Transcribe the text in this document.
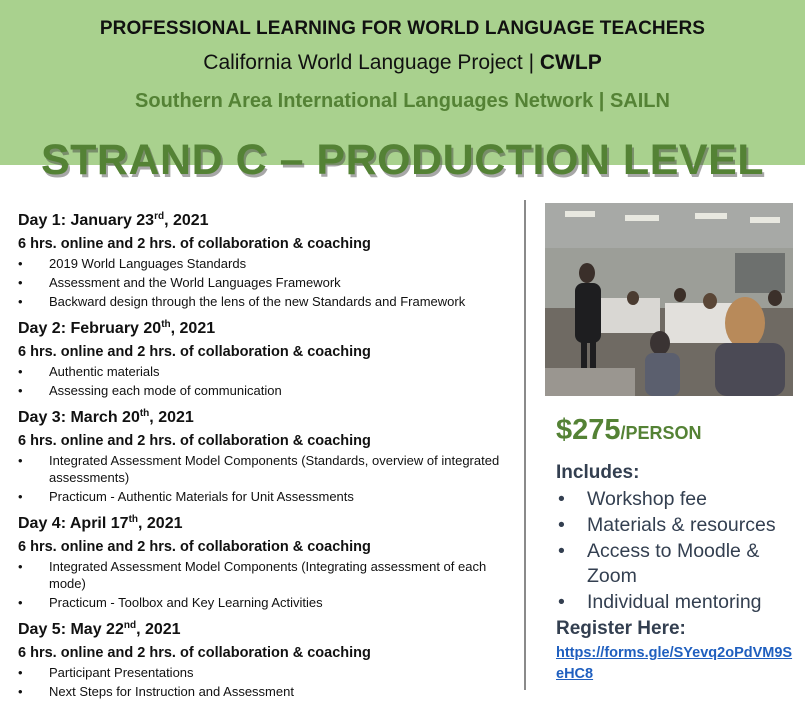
PROFESSIONAL LEARNING FOR WORLD LANGUAGE TEACHERS
California World Language Project | CWLP
Southern Area International Languages Network | SAILN
STRAND C – PRODUCTION LEVEL
Day 1: January 23rd, 2021
6 hrs. online and 2 hrs. of collaboration & coaching
• 2019 World Languages Standards
• Assessment and the World Languages Framework
• Backward design through the lens of the new Standards and Framework
Day 2: February 20th, 2021
6 hrs. online and 2 hrs. of collaboration & coaching
• Authentic materials
• Assessing each mode of communication
Day 3: March 20th, 2021
6 hrs. online and 2 hrs. of collaboration & coaching
• Integrated Assessment Model Components (Standards, overview of integrated assessments)
• Practicum - Authentic Materials for Unit Assessments
Day 4: April 17th, 2021
6 hrs. online and 2 hrs. of collaboration & coaching
• Integrated Assessment Model Components (Integrating assessment of each mode)
• Practicum - Toolbox and Key Learning Activities
Day 5: May 22nd, 2021
6 hrs. online and 2 hrs. of collaboration & coaching
• Participant Presentations
• Next Steps for Instruction and Assessment
$275/PERSON
Includes:
• Workshop fee
• Materials & resources
• Access to Moodle & Zoom
• Individual mentoring
Register Here:
https://forms.gle/SYevq2oPdVM9SeHC8
